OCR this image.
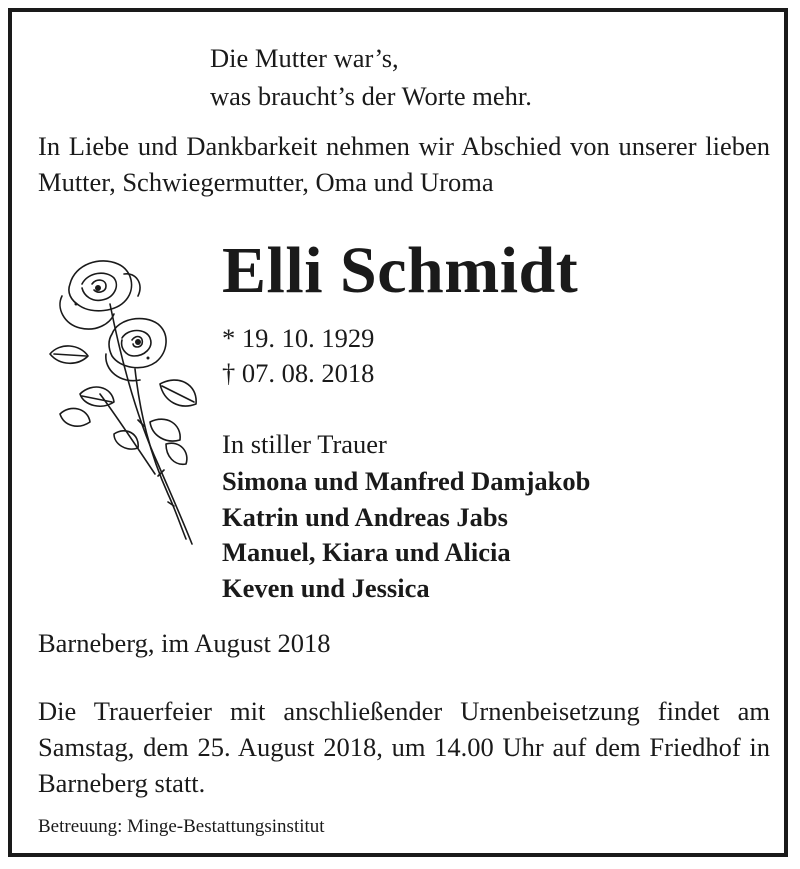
Die Mutter war’s,
was braucht’s der Worte mehr.
In Liebe und Dankbarkeit nehmen wir Abschied von unserer lieben Mutter, Schwiegermutter, Oma und Uroma
Elli Schmidt
* 19. 10. 1929
† 07. 08. 2018
In stiller Trauer
Simona und Manfred Damjakob
Katrin und Andreas Jabs
Manuel, Kiara und Alicia
Keven und Jessica
Barneberg, im August 2018
Die Trauerfeier mit anschließender Urnenbeisetzung findet am Samstag, dem 25. August 2018, um 14.00 Uhr auf dem Friedhof in Barneberg statt.
Betreuung: Minge-Bestattungsinstitut
